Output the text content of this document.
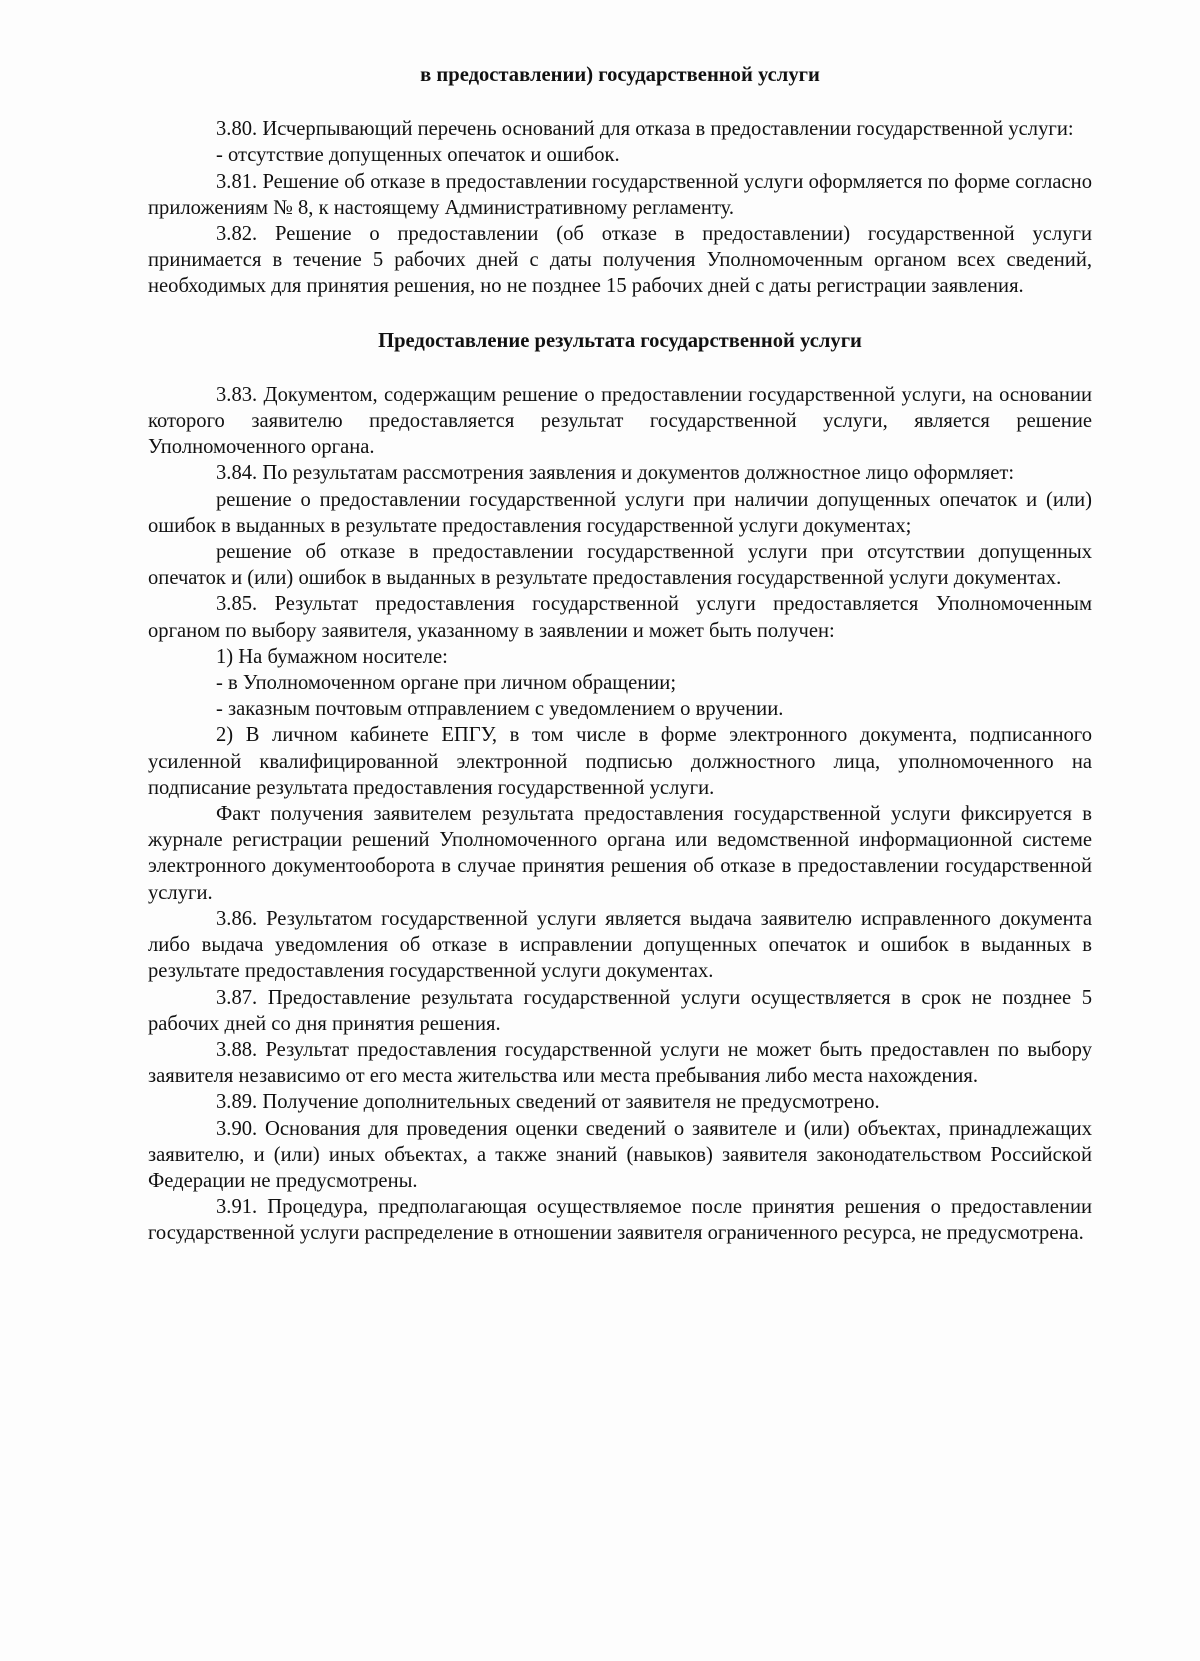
в предоставлении) государственной услуги

3.80. Исчерпывающий перечень оснований для отказа в предоставлении государственной услуги:

- отсутствие допущенных опечаток и ошибок.

3.81. Решение об отказе в предоставлении государственной услуги оформляется по форме согласно приложениям № 8, к настоящему Административному регламенту.

3.82. Решение о предоставлении (об отказе в предоставлении) государственной услуги принимается в течение 5 рабочих дней с даты получения Уполномоченным органом всех сведений, необходимых для принятия решения, но не позднее 15 рабочих дней с даты регистрации заявления.

Предоставление результата государственной услуги

3.83. Документом, содержащим решение о предоставлении государственной услуги, на основании которого заявителю предоставляется результат государственной услуги, является решение Уполномоченного органа.

3.84. По результатам рассмотрения заявления и документов должностное лицо оформляет:

решение о предоставлении государственной услуги при наличии допущенных опечаток и (или) ошибок в выданных в результате предоставления государственной услуги документах;

решение об отказе в предоставлении государственной услуги при отсутствии допущенных опечаток и (или) ошибок в выданных в результате предоставления государственной услуги документах.

3.85. Результат предоставления государственной услуги предоставляется Уполномоченным органом по выбору заявителя, указанному в заявлении и может быть получен:

1) На бумажном носителе:

- в Уполномоченном органе при личном обращении;

- заказным почтовым отправлением с уведомлением о вручении.

2) В личном кабинете ЕПГУ, в том числе в форме электронного документа, подписанного усиленной квалифицированной электронной подписью должностного лица, уполномоченного на подписание результата предоставления государственной услуги.

Факт получения заявителем результата предоставления государственной услуги фиксируется в журнале регистрации решений Уполномоченного органа или ведомственной информационной системе электронного документооборота в случае принятия решения об отказе в предоставлении государственной услуги.

3.86. Результатом государственной услуги является выдача заявителю исправленного документа либо выдача уведомления об отказе в исправлении допущенных опечаток и ошибок в выданных в результате предоставления государственной услуги документах.

3.87. Предоставление результата государственной услуги осуществляется в срок не позднее 5 рабочих дней со дня принятия решения.

3.88. Результат предоставления государственной услуги не может быть предоставлен по выбору заявителя независимо от его места жительства или места пребывания либо места нахождения.

3.89. Получение дополнительных сведений от заявителя не предусмотрено.

3.90. Основания для проведения оценки сведений о заявителе и (или) объектах, принадлежащих заявителю, и (или) иных объектах, а также знаний (навыков) заявителя законодательством Российской Федерации не предусмотрены.

3.91. Процедура, предполагающая осуществляемое после принятия решения о предоставлении государственной услуги распределение в отношении заявителя ограниченного ресурса, не предусмотрена.
